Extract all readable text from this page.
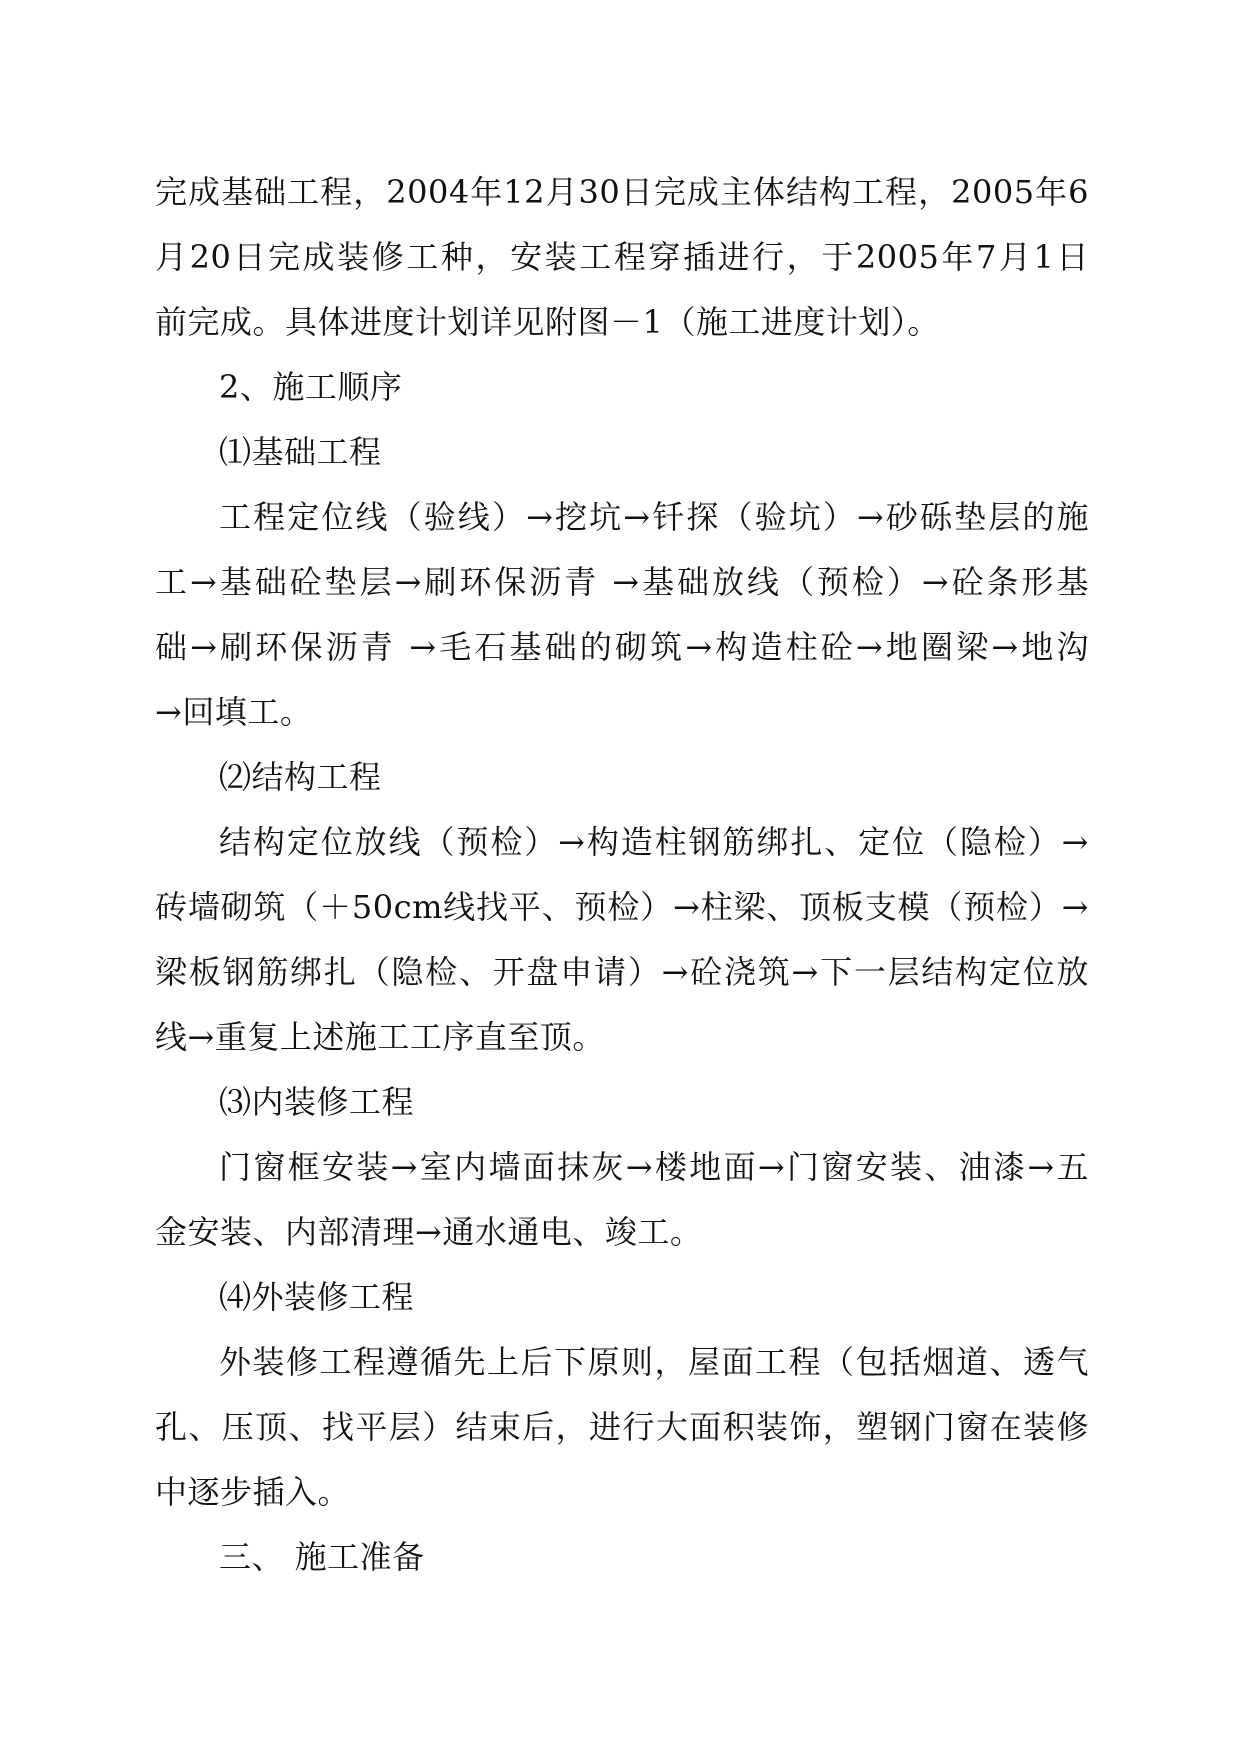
完成基础工程，2004年12月30日完成主体结构工程，2005年6
月20日完成装修工种，安装工程穿插进行，于2005年7月1日
前完成。具体进度计划详见附图－1（施工进度计划）。
2、施工顺序
⑴基础工程
工程定位线（验线）→挖坑→钎探（验坑）→砂砾垫层的施
工→基础砼垫层→刷环保沥青 →基础放线（预检）→砼条形基
础→刷环保沥青 →毛石基础的砌筑→构造柱砼→地圈梁→地沟
→回填工。
⑵结构工程
结构定位放线（预检）→构造柱钢筋绑扎、定位（隐检）→
砖墙砌筑（＋50cm线找平、预检）→柱梁、顶板支模（预检）→
梁板钢筋绑扎（隐检、开盘申请）→砼浇筑→下一层结构定位放
线→重复上述施工工序直至顶。
⑶内装修工程
门窗框安装→室内墙面抹灰→楼地面→门窗安装、油漆→五
金安装、内部清理→通水通电、竣工。
⑷外装修工程
外装修工程遵循先上后下原则，屋面工程（包括烟道、透气
孔、压顶、找平层）结束后，进行大面积装饰，塑钢门窗在装修
中逐步插入。
三、 施工准备
